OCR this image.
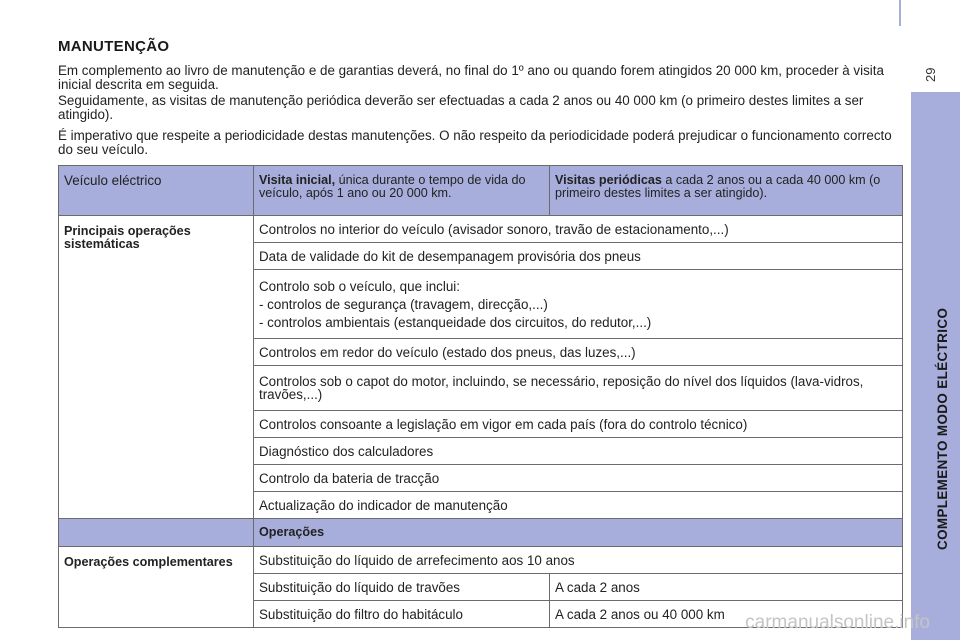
MANUTENÇÃO
Em complemento ao livro de manutenção e de garantias deverá, no final do 1º ano ou quando forem atingidos 20 000 km, proceder à visita inicial descrita em seguida.
Seguidamente, as visitas de manutenção periódica deverão ser efectuadas a cada 2 anos ou 40 000 km (o primeiro destes limites a ser atingido).
É imperativo que respeite a periodicidade destas manutenções. O não respeito da periodicidade poderá prejudicar o funcionamento correcto do seu veículo.
Veículo eléctrico	Visita inicial, única durante o tempo de vida do veículo, após 1 ano ou 20 000 km.	Visitas periódicas a cada 2 anos ou a cada 40 000 km (o primeiro destes limites a ser atingido).
Principais operações sistemáticas	Controlos no interior do veículo (avisador sonoro, travão de estacionamento,...)	
	Data de validade do kit de desempanagem provisória dos pneus	

	Controlo sob o veículo, que inclui:
- controlos de segurança (travagem, direcção,...)
- controlos ambientais (estanqueidade dos circuitos, do redutor,...)	

	Controlos em redor do veículo (estado dos pneus, das luzes,...)	
	Controlos sob o capot do motor, incluindo, se necessário, reposição do nível dos líquidos (lava-vidros, travões,...)	
	Controlos consoante a legislação em vigor em cada país (fora do controlo técnico)	
	Diagnóstico dos calculadores	
	Controlo da bateria de tracção	
	Actualização do indicador de manutenção	
	Operações	
Operações complementares	Substituição do líquido de arrefecimento aos 10 anos	
	Substituição do líquido de travões	A cada 2 anos
	Substituição do filtro do habitáculo	A cada 2 anos ou 40 000 km
COMPLEMENTO MODO ELÉCTRICO
29
carmanualsonline.info
